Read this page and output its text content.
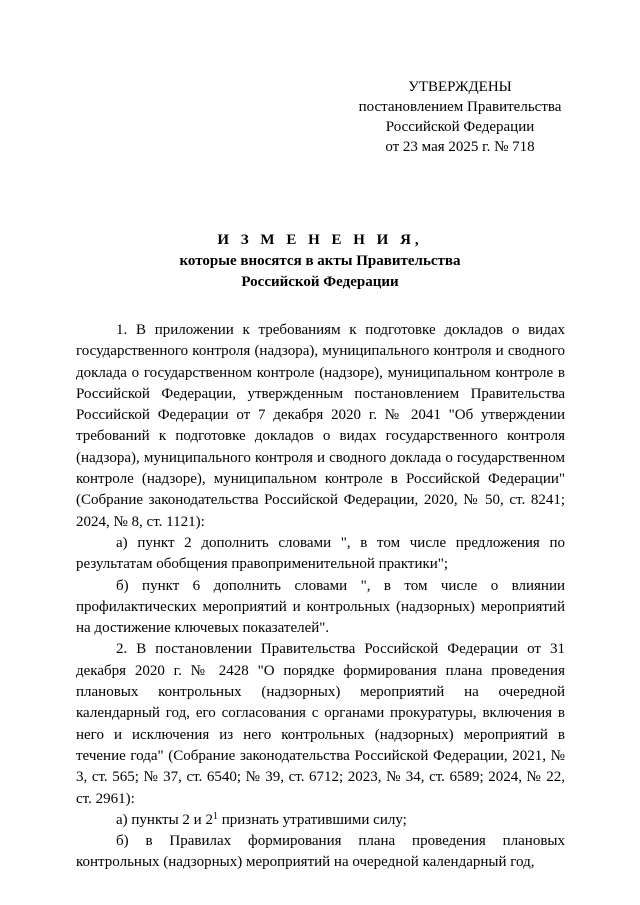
УТВЕРЖДЕНЫ
постановлением Правительства
Российской Федерации
от 23 мая 2025 г. № 718
И З М Е Н Е Н И Я,
которые вносятся в акты Правительства
Российской Федерации

1. В приложении к требованиям к подготовке докладов о видах государственного контроля (надзора), муниципального контроля и сводного доклада о государственном контроле (надзоре), муниципальном контроле в Российской Федерации, утвержденным постановлением Правительства Российской Федерации от 7 декабря 2020 г. № 2041 "Об утверждении требований к подготовке докладов о видах государственного контроля (надзора), муниципального контроля и сводного доклада о государственном контроле (надзоре), муниципальном контроле в Российской Федерации" (Собрание законодательства Российской Федерации, 2020, № 50, ст. 8241; 2024, № 8, ст. 1121):

а) пункт 2 дополнить словами ", в том числе предложения по результатам обобщения правоприменительной практики";

б) пункт 6 дополнить словами ", в том числе о влиянии профилактических мероприятий и контрольных (надзорных) мероприятий на достижение ключевых показателей".

2. В постановлении Правительства Российской Федерации от 31 декабря 2020 г. № 2428 "О порядке формирования плана проведения плановых контрольных (надзорных) мероприятий на очередной календарный год, его согласования с органами прокуратуры, включения в него и исключения из него контрольных (надзорных) мероприятий в течение года" (Собрание законодательства Российской Федерации, 2021, № 3, ст. 565; № 37, ст. 6540; № 39, ст. 6712; 2023, № 34, ст. 6589; 2024, № 22, ст. 2961):

а) пункты 2 и $2^1$ признать утратившими силу;

б) в Правилах формирования плана проведения плановых контрольных (надзорных) мероприятий на очередной календарный год,
